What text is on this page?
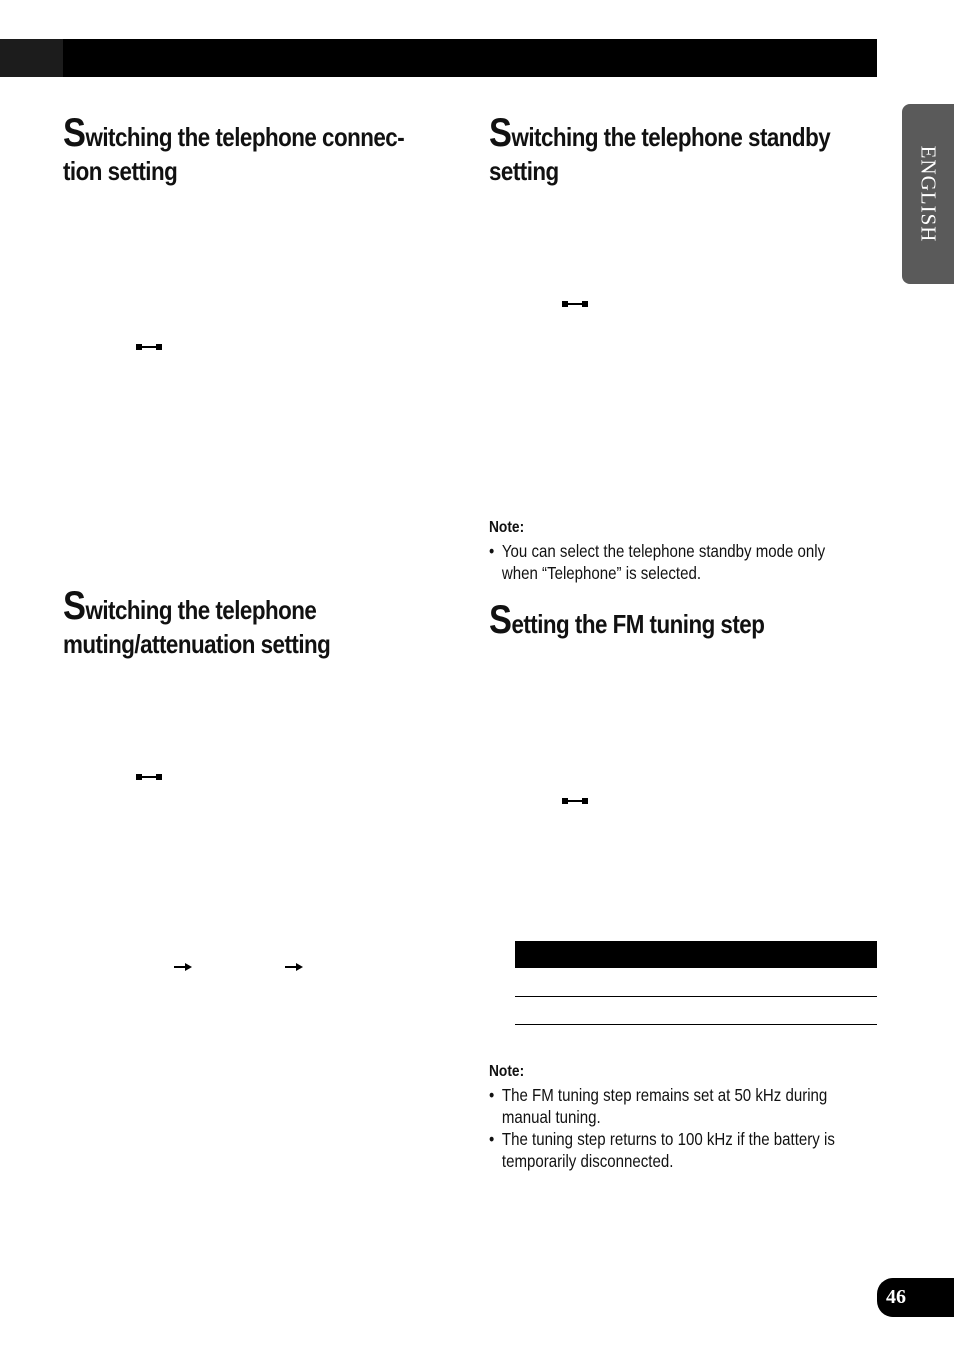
ENGLISH
Switching the telephone connec-
tion setting
Switching the telephone
muting/attenuation setting
Switching the telephone standby
setting

Note:

• You can select the telephone standby mode only when “Telephone” is selected.
Setting the FM tuning step

Note:

• The FM tuning step remains set at 50 kHz during manual tuning.
• The tuning step returns to 100 kHz if the battery is temporarily disconnected.
46
